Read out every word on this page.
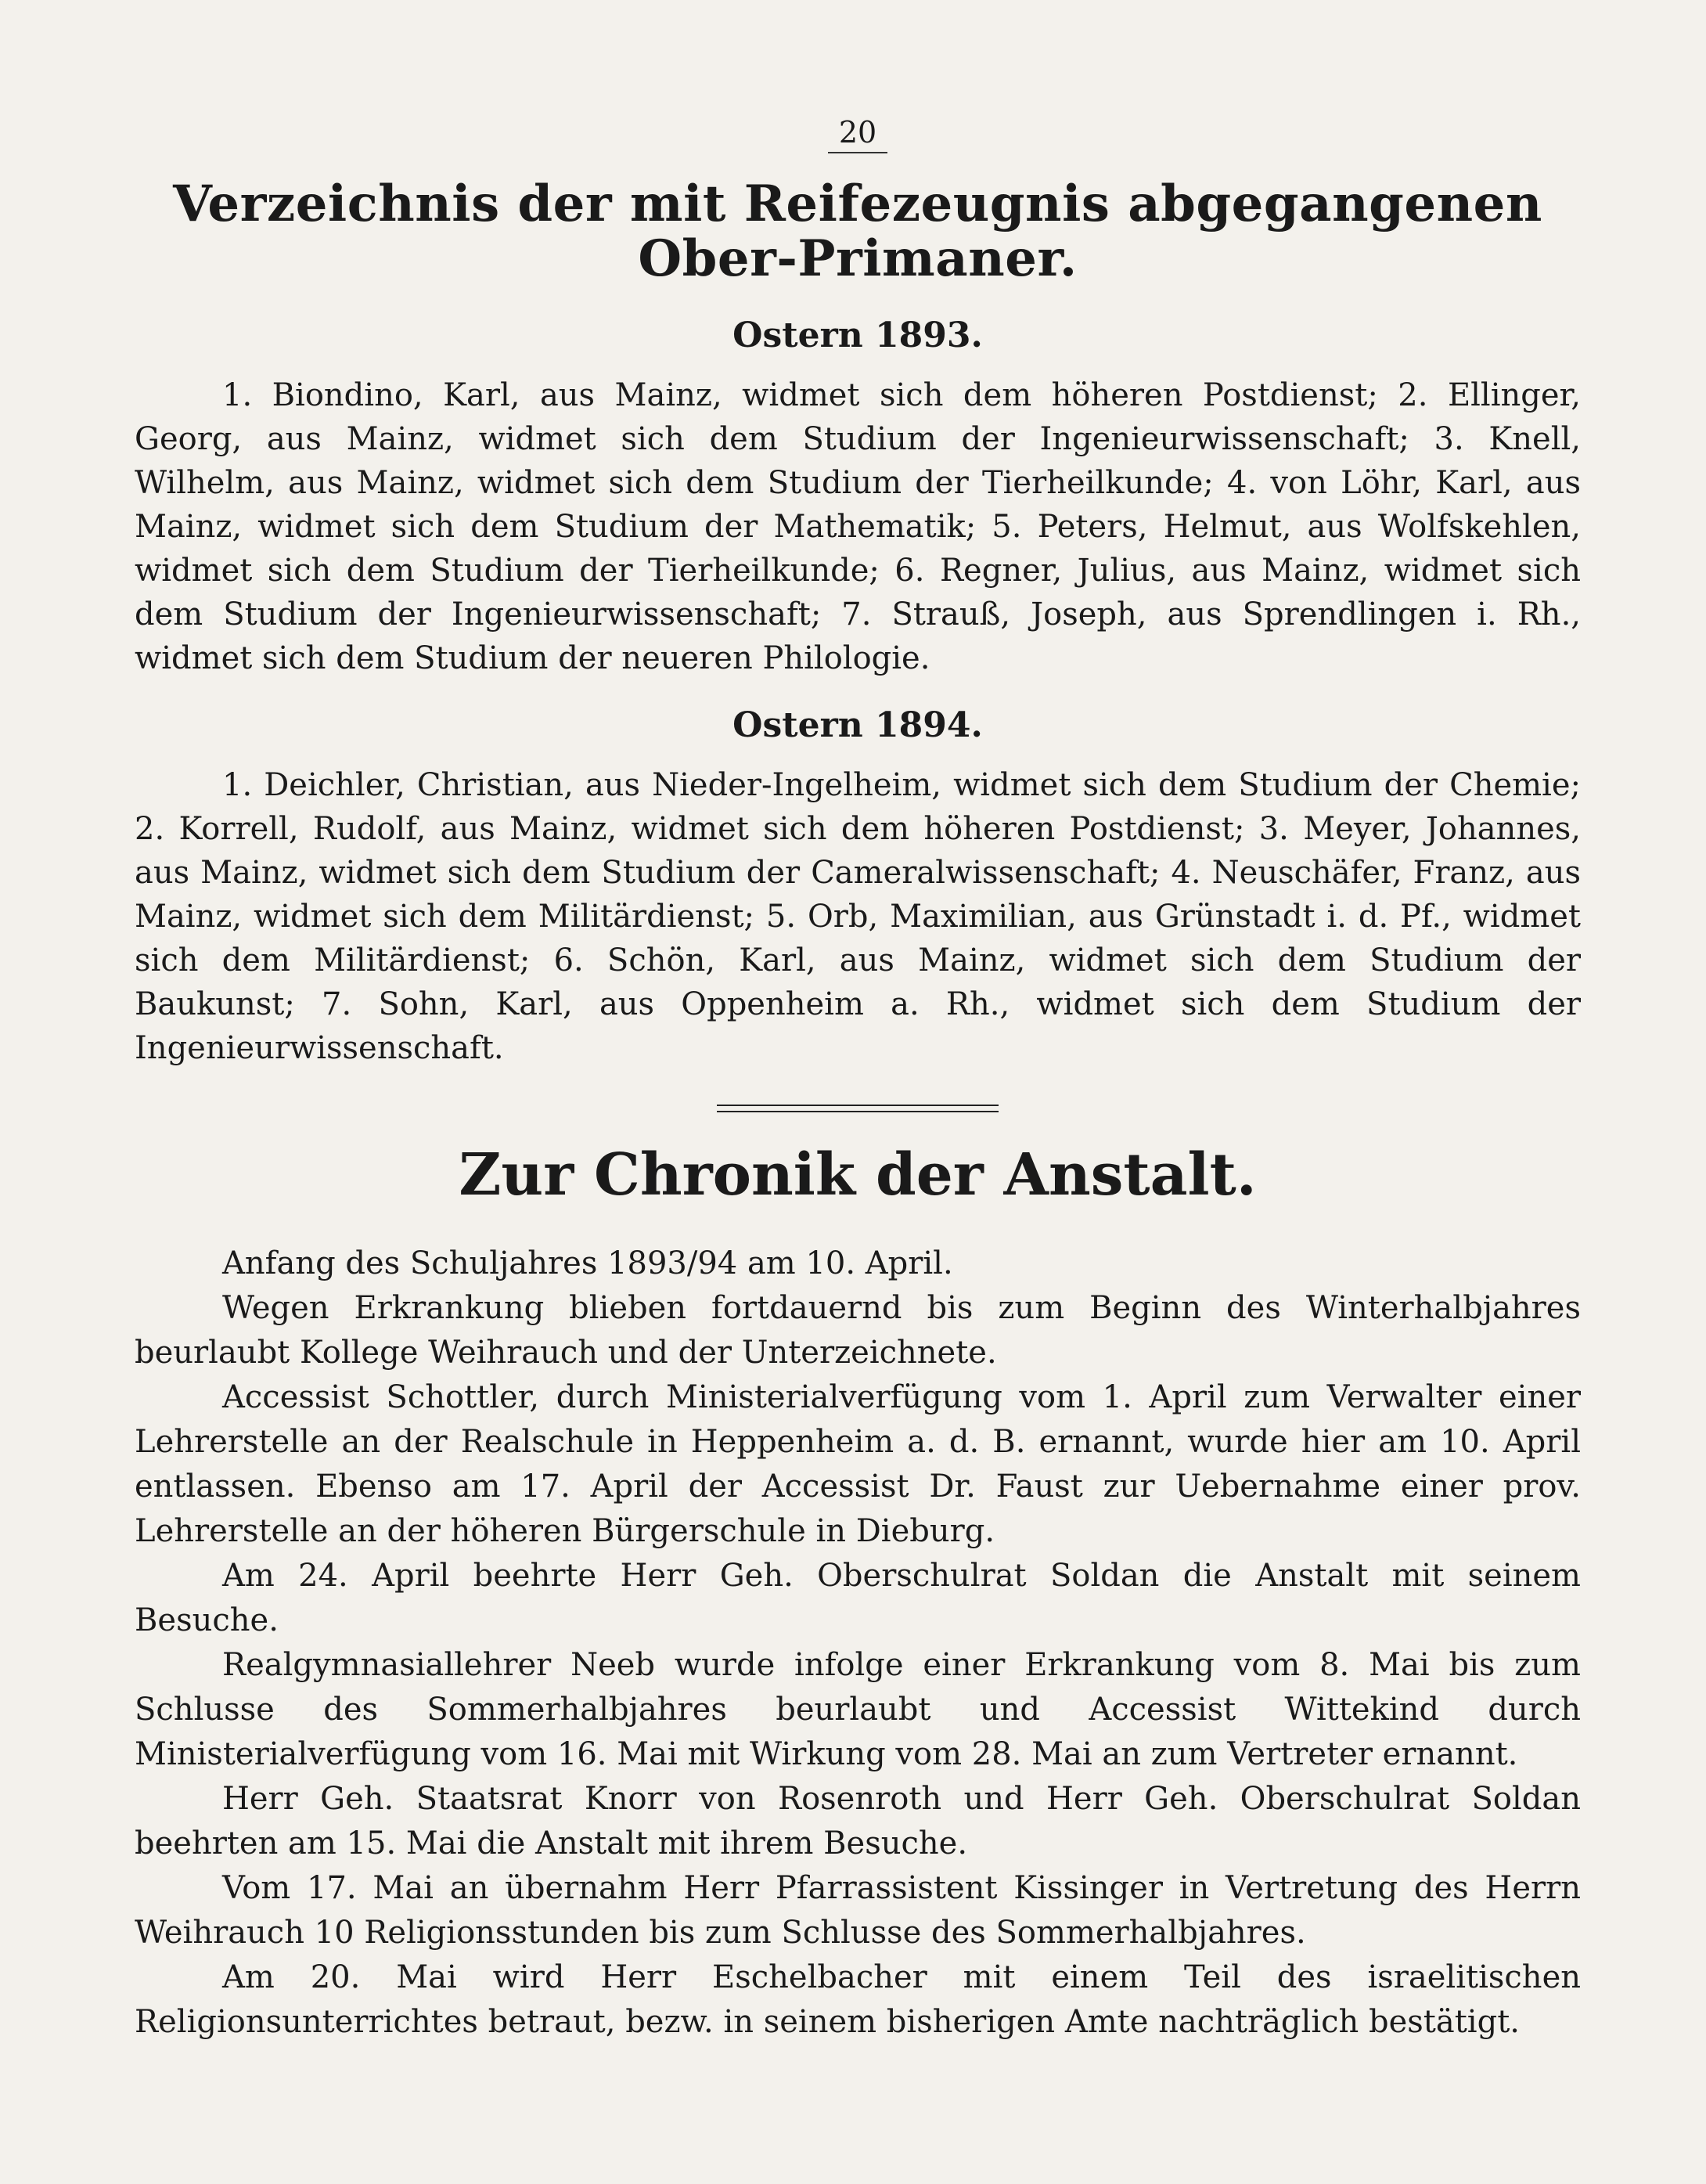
20
Verzeichnis der mit Reifezeugnis abgegangenen Ober-Primaner.
Ostern 1893.

1. Biondino, Karl, aus Mainz, widmet sich dem höheren Postdienst; 2. Ellinger, Georg, aus Mainz, widmet sich dem Studium der Ingenieurwissenschaft; 3. Knell, Wilhelm, aus Mainz, widmet sich dem Studium der Tierheilkunde; 4. von Löhr, Karl, aus Mainz, widmet sich dem Studium der Mathematik; 5. Peters, Helmut, aus Wolfskehlen, widmet sich dem Studium der Tierheilkunde; 6. Regner, Julius, aus Mainz, widmet sich dem Studium der Ingenieurwissenschaft; 7. Strauß, Joseph, aus Sprendlingen i. Rh., widmet sich dem Studium der neueren Philologie.

Ostern 1894.

1. Deichler, Christian, aus Nieder-Ingelheim, widmet sich dem Studium der Chemie; 2. Korrell, Rudolf, aus Mainz, widmet sich dem höheren Postdienst; 3. Meyer, Johannes, aus Mainz, widmet sich dem Studium der Cameralwissenschaft; 4. Neuschäfer, Franz, aus Mainz, widmet sich dem Militärdienst; 5. Orb, Maximilian, aus Grünstadt i. d. Pf., widmet sich dem Militärdienst; 6. Schön, Karl, aus Mainz, widmet sich dem Studium der Baukunst; 7. Sohn, Karl, aus Oppenheim a. Rh., widmet sich dem Studium der Ingenieurwissenschaft.

Zur Chronik der Anstalt.

Anfang des Schuljahres 1893/94 am 10. April.

Wegen Erkrankung blieben fortdauernd bis zum Beginn des Winterhalbjahres beurlaubt Kollege Weihrauch und der Unterzeichnete.

Accessist Schottler, durch Ministerialverfügung vom 1. April zum Verwalter einer Lehrerstelle an der Realschule in Heppenheim a. d. B. ernannt, wurde hier am 10. April entlassen. Ebenso am 17. April der Accessist Dr. Faust zur Uebernahme einer prov. Lehrerstelle an der höheren Bürgerschule in Dieburg.

Am 24. April beehrte Herr Geh. Oberschulrat Soldan die Anstalt mit seinem Besuche.

Realgymnasiallehrer Neeb wurde infolge einer Erkrankung vom 8. Mai bis zum Schlusse des Sommerhalbjahres beurlaubt und Accessist Wittekind durch Ministerialverfügung vom 16. Mai mit Wirkung vom 28. Mai an zum Vertreter ernannt.

Herr Geh. Staatsrat Knorr von Rosenroth und Herr Geh. Oberschulrat Soldan beehrten am 15. Mai die Anstalt mit ihrem Besuche.

Vom 17. Mai an übernahm Herr Pfarrassistent Kissinger in Vertretung des Herrn Weihrauch 10 Religionsstunden bis zum Schlusse des Sommerhalbjahres.

Am 20. Mai wird Herr Eschelbacher mit einem Teil des israelitischen Religionsunterrichtes betraut, bezw. in seinem bisherigen Amte nachträglich bestätigt.
